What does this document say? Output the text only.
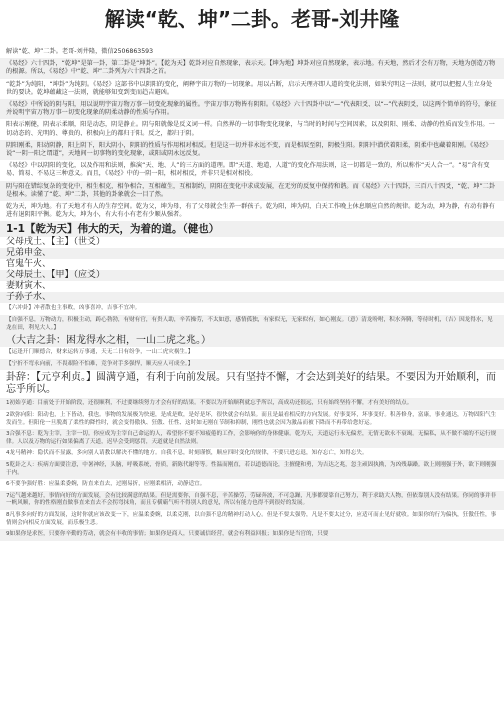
解读“乾、坤”二卦。老哥-刘井隆
解读“乾、坤”二卦。老哥-刘井隆，微信2506863593
《易经》六十四卦，“乾坤”是第一卦，第二卦是“坤卦”。【乾为天】乾卦对应自然现象，表示天。【坤为地】坤卦对应自然现象，表示地。有天地，然后才会有万物，天地为创造万物的根源。所以，《易经》中“乾、坤”二卦列为六十四卦之首。
“乾卦”为纯阳，“坤卦”为纯阴。《易经》这部书中以阴阳的变化，阐释宇宙万物的一切现象。用以占断，启示天理亦即人道的变化法则，如果究明这一法则，就可以把握人生立身处世的要诀。乾坤蕴藏这一法则，就能够知变到变而趋吉避凶。
《易经》中所说的阴与阳，用以说明宇宙万物万事一切变化现象的属性。宇宙万事万物皆有阴阳。《易经》六十四卦中以“—”代表阳爻、以“--”代表阴爻，以这两个简单的符号，象征并说明宇宙万物万事一切变化现象的阴柔动静的性质与作用。
阳表示刚健，阴表示柔顺，阳是动态，阴是静止。阴与阳就像是反义词一样。自然界的一切事物变化现象，与当时的时间与空间因素，以及阴阳、刚柔、动静的性质而发生作用。一切动态的、光明的、尊贵的、积极向上的都归于阳。反之，都归于阴。
阴阳刚柔，阳动阴静，阳上阴下，阳大阴小，阴阳的性质与作用相对相反。但是这一切并非永远不变，而是相辰至阴，阴极生阳。阴阳中潜伏着阳柔，阴柔中也藏着阳刚。《易经》说“一阴一阳之谓道”，天地间一切事物的变化现象，或阳或阴永远反复。
《易经》中以阴阳的变化，以及作用和法则，推演“天、地、人”的三方面的道理。即“天道、地道，人道”的变化作用法则，这一切都是一致的，所以称作“天人合一”。“易”含有变易、简易、不易这三种意义。而且，《易经》中的一阴一阳，相对相反，并非只是相对相役。
阴与阳在错综复杂的变化中，相生相克，相争相合，互相蕴生，互相制约，阴阳在变化中求成发展，在无穷的反复中保持和谐。而《易经》六十四卦，三百八十四爻，“乾、坤”二卦是根本。读懂了“乾、坤”二卦，其他的卦象就会一目了然。
乾为天，坤为地。有了天地才有人的生存空间。乾为父，坤为母，有了父母就会生养一群孩子。乾为阳，坤为阴，白天工作晚上休息顺应自然的规律。乾为动，坤为静，有动有静有进有退阴阳平衡。乾为大，坤为小，有大有小有老有少顺从强者。
1-1【乾为天】伟大的天，为着的道。（健也）
父母戌土、【主】（世爻）
兄弟申金、
官鬼午火、
父母辰土、【甲】（应爻）
妻财寅木、
子孙子水、
【六冲卦】冲者散也主事败，凶事喜冲，吉事不宜冲。
【自强不息，万物动力，积极主动，踌心勃勃，有财有官，有贵人助，辛苦操劳，不太如意，感情孤独，有家似无，无家似有，如心刚友。（意）清龙吩咐，积水奔腾，等待时机，（吉）因龙得水，见龙在田，利见大人。】
（大吉之卦：困龙得水之相，一山二虎之兆。）
【运逢开门顺德合，财来运转万事通，天无二日有纷争，一山二虎灾祸生。】
【宁折不弯永向前，不畏艰险不怕难，竞争对手多强悍，顺天应人可成全。】
卦辞：【元亨利贞。】圆满亨通，有利于向前发展。只有坚持不懈，才会达到美好的结果。不要因为开始顺利，而忘乎所以。
1初始亨通：目前处于开始阶段，还很顺利，不过要继续努力才会有好的结果。不要以为开始顺利就忘乎所以，高成功还很远，只有始终坚持不懈，才有美好的结点。
2欲弥向阳：阳动也，上下皆动，我也。事物的发展极为快速，是成是败，是好是坏，很快就会有结果。而且是最看相反的方向发展。好事变坏，坏事变好。积善修身，富康，事业通达，万物固阳气生发而生。但阳伦一旦脱离了柔性的降性时，就会变得傲执、狂傲、任性、这时如无刚在节制和抑制，刚性也就会因为激品而被下降而不再带给您好运。
3合强不息：乾为主宰，主宰一切。你应成为主宰自己命运的人，希望你不要不知疲倦的工作，会影响你的身体健康。乾为天，天道运行永无偏差，无情无欲永不衰竭。无偏私，从不做不端的不运行规律。人以及万物的运行如果偏离了天道，迟早会受到惩罚，天道就是自然法则。
4龙马精神：隐伏而不显露，多向别人请教以解决不懂的地方。自我不息，时刻谨慎，顺应四时变化的规律，不要只进忘退，知存忘亡，知得忘失。
5乾卦之人：疾病方面要注意，中暑神经，头脑，呼吸系统，骨质，新陈代谢等等。性温而刚直，若以道德而论，主擅健和勇，为吉达之兆，忽主顽固执拗，为凶残暴躁。欲上则刚强于外，欲下则刚强于内。
6不要争强好胜：应温柔委婉，防直来直去，过刚易折，应刚柔相济，动静适宜。
7运气越来越好，事情向好的方面发展，会有比较满意的结果。但是需要你，自强不息，辛苦操劳，劳碌奔波，不可急躁，凡事都要靠自己努力，利于求助大人物，但依靠别人没有结果。你同的事并非一帆风顺，你的性格刚直做事直来直去不会拐弯抹角，而且专横霸气听不得别人的意见，所以有能力也得不到很好的发展。
8凡事多向好的方面发展，这时你就应该改变一下，应温柔委婉，以柔克刚，以自强不息的精神打动人心。但是不要太强势，凡是不要太过分，应适可而止见好就收。如果你的行为偏执，狂傲任性，事情则会向相反方面发展，而乐极生悲。
9如果你是求医，只要你辛勤的劳动，就会有丰收的事情；如果你是商人，只要诚信经营，就会有利益回报；如果你是当官的，只要
